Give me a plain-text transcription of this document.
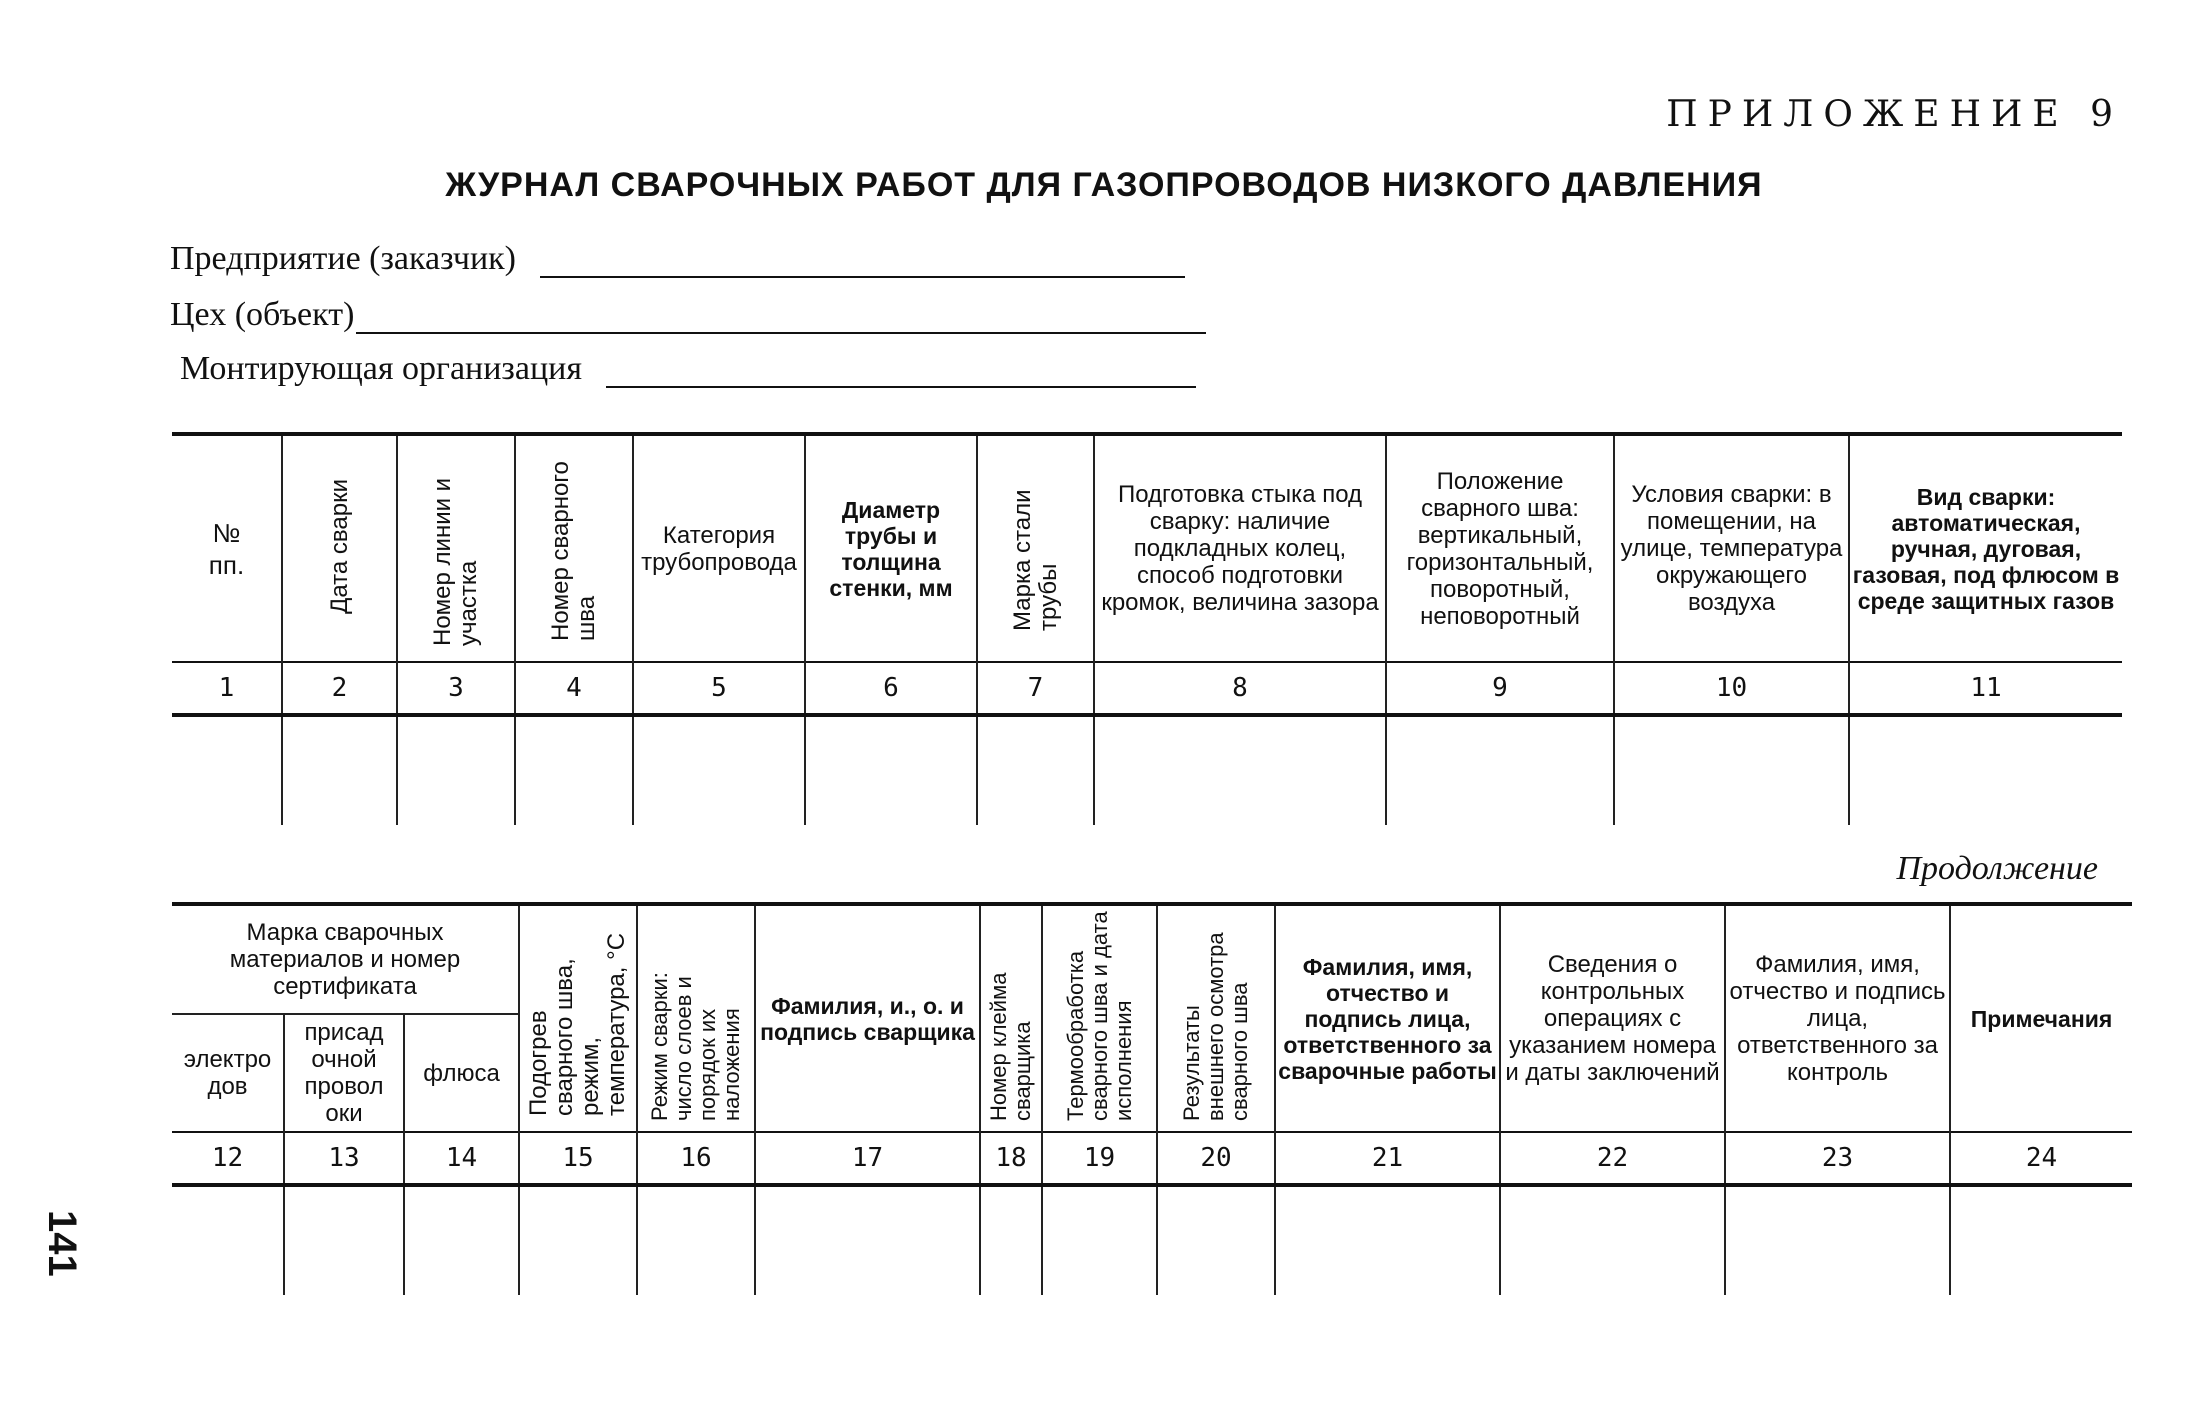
ПРИЛОЖЕНИЕ 9
ЖУРНАЛ СВАРОЧНЫХ РАБОТ ДЛЯ ГАЗОПРОВОДОВ НИЗКОГО ДАВЛЕНИЯ
Предприятие (заказчик)
Цех (объект)
Монтирующая организация
№ пп.	Дата сварки	Номер линии и участка	Номер сварного шва	Категория трубопровода	Диаметр трубы и толщина стенки, мм	Марка стали трубы	Подготовка стыка под сварку: наличие подкладных колец, способ подготовки кромок, величина зазора	Положение сварного шва: вертикальный, горизонтальный, поворотный, неповоротный	Условия сварки: в помещении, на улице, температура окружающего воздуха	Вид сварки: автоматическая, ручная, дуговая, газовая, под флюсом в среде защитных газов

1	2	3	4	5	6	7	8	9	10	11

Продолжение
Марка сварочных материалов и номер сертификата			Подогрев сварного шва, режим, температура, °С	Режим сварки: число слоев и порядок их наложения	Фамилия, и., о. и подпись сварщика	Номер клейма сварщика	Термообработка сварного шва и дата исполнения	Результаты внешнего осмотра сварного шва	Фамилия, имя, отчество и подпись лица, ответственного за сварочные работы	Сведения о контрольных операциях с указанием номера и даты заключений	Фамилия, имя, отчество и подпись лица, ответственного за контроль	Примечания

электродов	присадочной проволоки	флюса										

12	13	14	15	16	17	18	19	20	21	22	23	24

141
